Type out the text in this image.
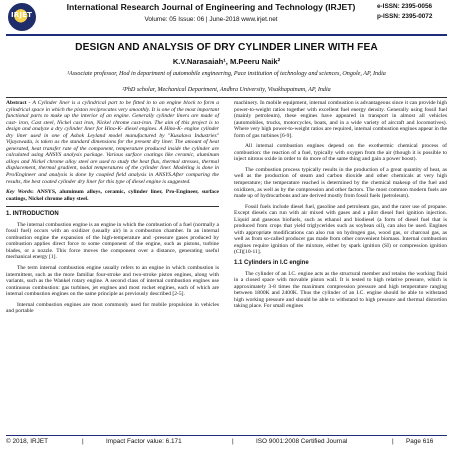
IRJET
International Research Journal of Engineering and Technology (IRJET)
Volume: 05 Issue: 06 | June-2018 www.irjet.net
e-ISSN: 2395-0056
p-ISSN: 2395-0072
DESIGN AND ANALYSIS OF DRY CYLINDER LINER WITH FEA
K.V.Narasaiah¹, M.Peeru Naik²
¹Associate professor, Hod in department of automobile engineering, Pace institution of technology and sciences, Ongole, AP, India
²PhD scholar, Mechanical Department, Andhra University, Visakhapatnam, AP, India

Abstract - A Cylinder liner is a cylindrical part to be fitted in to an engine block to form a cylindrical space in which the piston reciprocates very smoothly. It is one of the most important functional parts to make up the interior of an engine. Generally cylinder liners are made of cast- iron, Cast steel, Nickel cast iron, Nickel chrome cast-iron. The aim of this project is to design and analyze a dry cylinder liner for Hino-K- diesel engines. A Hino-K- engine cylinder dry liner used in one of Ashok Leyland model manufactured by "Kusalava Industries" Vijayawada, is taken as the standard dimensions for the present dry liner. The amount of heat generated, heat transfer rate of the component, temperature produced inside the cylinder are calculated using ANSYS analysis package. Various surface coatings like ceramic, aluminum alloys and Nickel chrome alloy steel are used to study the heat flux, thermal stresses, thermal displacement, thermal gradient, nodal temperatures of the cylinder liner. Modeling is done in Pro/Engineer and analysis is done by coupled field analysis in ANSYS.After comparing the results, the best coated cylinder dry liner for this type of diesel engine is suggested.

Key Words: ANSYS, aluminum alloys, ceramic, cylinder liner, Pro-Engineer, surface coatings, Nickel chrome alloy steel.

1. INTRODUCTION

The internal combustion engine is an engine in which the combustion of a fuel (normally a fossil fuel) occurs with an oxidizer (usually air) in a combustion chamber. In an internal combustion engine the expansion of the high-temperature and -pressure gases produced by combustion applies direct force to some component of the engine, such as pistons, turbine blades, or a nozzle. This force moves the component over a distance, generating useful mechanical energy [1].

The term internal combustion engine usually refers to an engine in which combustion is intermittent, such as the more familiar four-stroke and two-stroke piston engines, along with variants, such as the Wankel rotary engine. A second class of internal combustion engines use continuous combustion: gas turbines, jet engines and most rocket engines, each of which are internal combustion engines on the same principle as previously described [2-5].

Internal combustion engines are most commonly used for mobile propulsion in vehicles and portable

machinery. In mobile equipment, internal combustion is advantageous since it can provide high power-to-weight ratios together with excellent fuel energy density. Generally using fossil fuel (mainly petroleum), these engines have appeared in transport in almost all vehicles (automobiles, trucks, motorcycles, boats, and in a wide variety of aircraft and locomotives). Where very high power-to-weight ratios are required, internal combustion engines appear in the form of gas turbines [6-9].

All internal combustion engines depend on the exothermic chemical process of combustion: the reaction of a fuel, typically with oxygen from the air (though it is possible to inject nitrous oxide in order to do more of the same thing and gain a power boost).

The combustion process typically results in the production of a great quantity of heat, as well as the production of steam and carbon dioxide and other chemicals at very high temperature; the temperature reached is determined by the chemical makeup of the fuel and oxidizers, as well as by the compression and other factors. The most common modern fuels are made up of hydrocarbons and are derived mostly from fossil fuels (petroleum).

Fossil fuels include diesel fuel, gasoline and petroleum gas, and the rarer use of propane. Except diesels can run with air mixed with gases and a pilot diesel fuel ignition injection. Liquid and gaseous biofuels, such as ethanol and biodiesel (a form of diesel fuel that is produced from crops that yield triglycerides such as soybean oil), can also be used. Engines with appropriate modifications can also run on hydrogen gas, wood gas, or charcoal gas, as well as from so-called producer gas made from other convenient biomass. Internal combustion engines require ignition of the mixture, either by spark ignition (SI) or compression ignition (CI)[10-11].

1.1 Cylinders in I.C engine

The cylinder of an I.C. engine acts as the structural member and retains the working fluid in a closed space with movable piston wall. It is tested to high relative pressure, which is approximately 3-8 times the maximum compression pressure and high temperature ranging between 1800K and 2400K. Thus the cylinder of an I.C. engine should be able to withstand high working pressure and should be able to withstand to high pressure and thermal distortion taking place. For small engines

© 2018, IRJET	|	Impact Factor value: 6.171	|	ISO 9001:2008 Certified Journal	| Page 616
